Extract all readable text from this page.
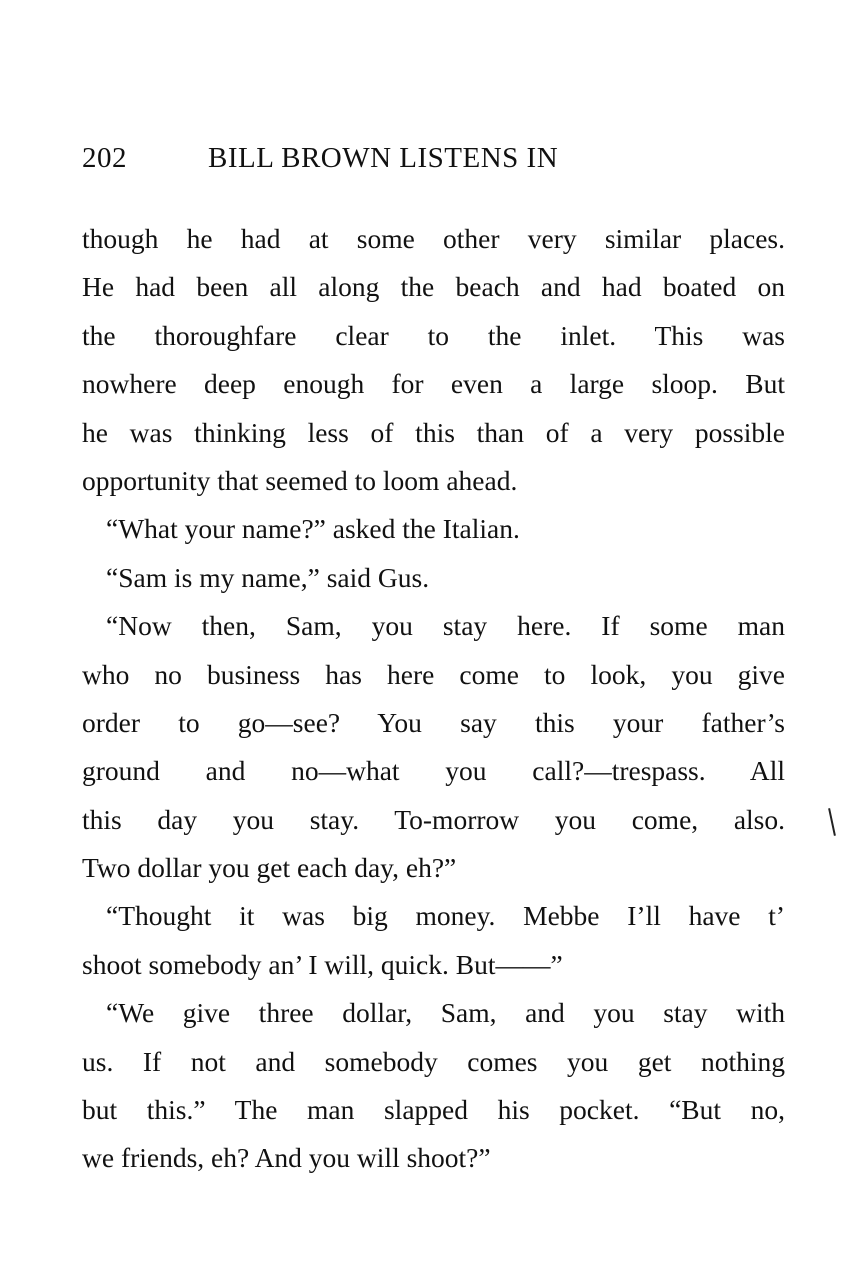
202	BILL BROWN LISTENS IN
though he had at some other very similar places.
He had been all along the beach and had boated on
the thoroughfare clear to the inlet. This was
nowhere deep enough for even a large sloop. But
he was thinking less of this than of a very possible
opportunity that seemed to loom ahead.
“What your name?” asked the Italian.
“Sam is my name,” said Gus.
“Now then, Sam, you stay here. If some man
who no business has here come to look, you give
order to go—see? You say this your father’s
ground and no—what you call?—trespass. All
this day you stay. To-morrow you come, also.
Two dollar you get each day, eh?”
“Thought it was big money. Mebbe I’ll have t’
shoot somebody an’ I will, quick. But——”
“We give three dollar, Sam, and you stay with
us. If not and somebody comes you get nothing
but this.” The man slapped his pocket. “But no,
we friends, eh? And you will shoot?”
